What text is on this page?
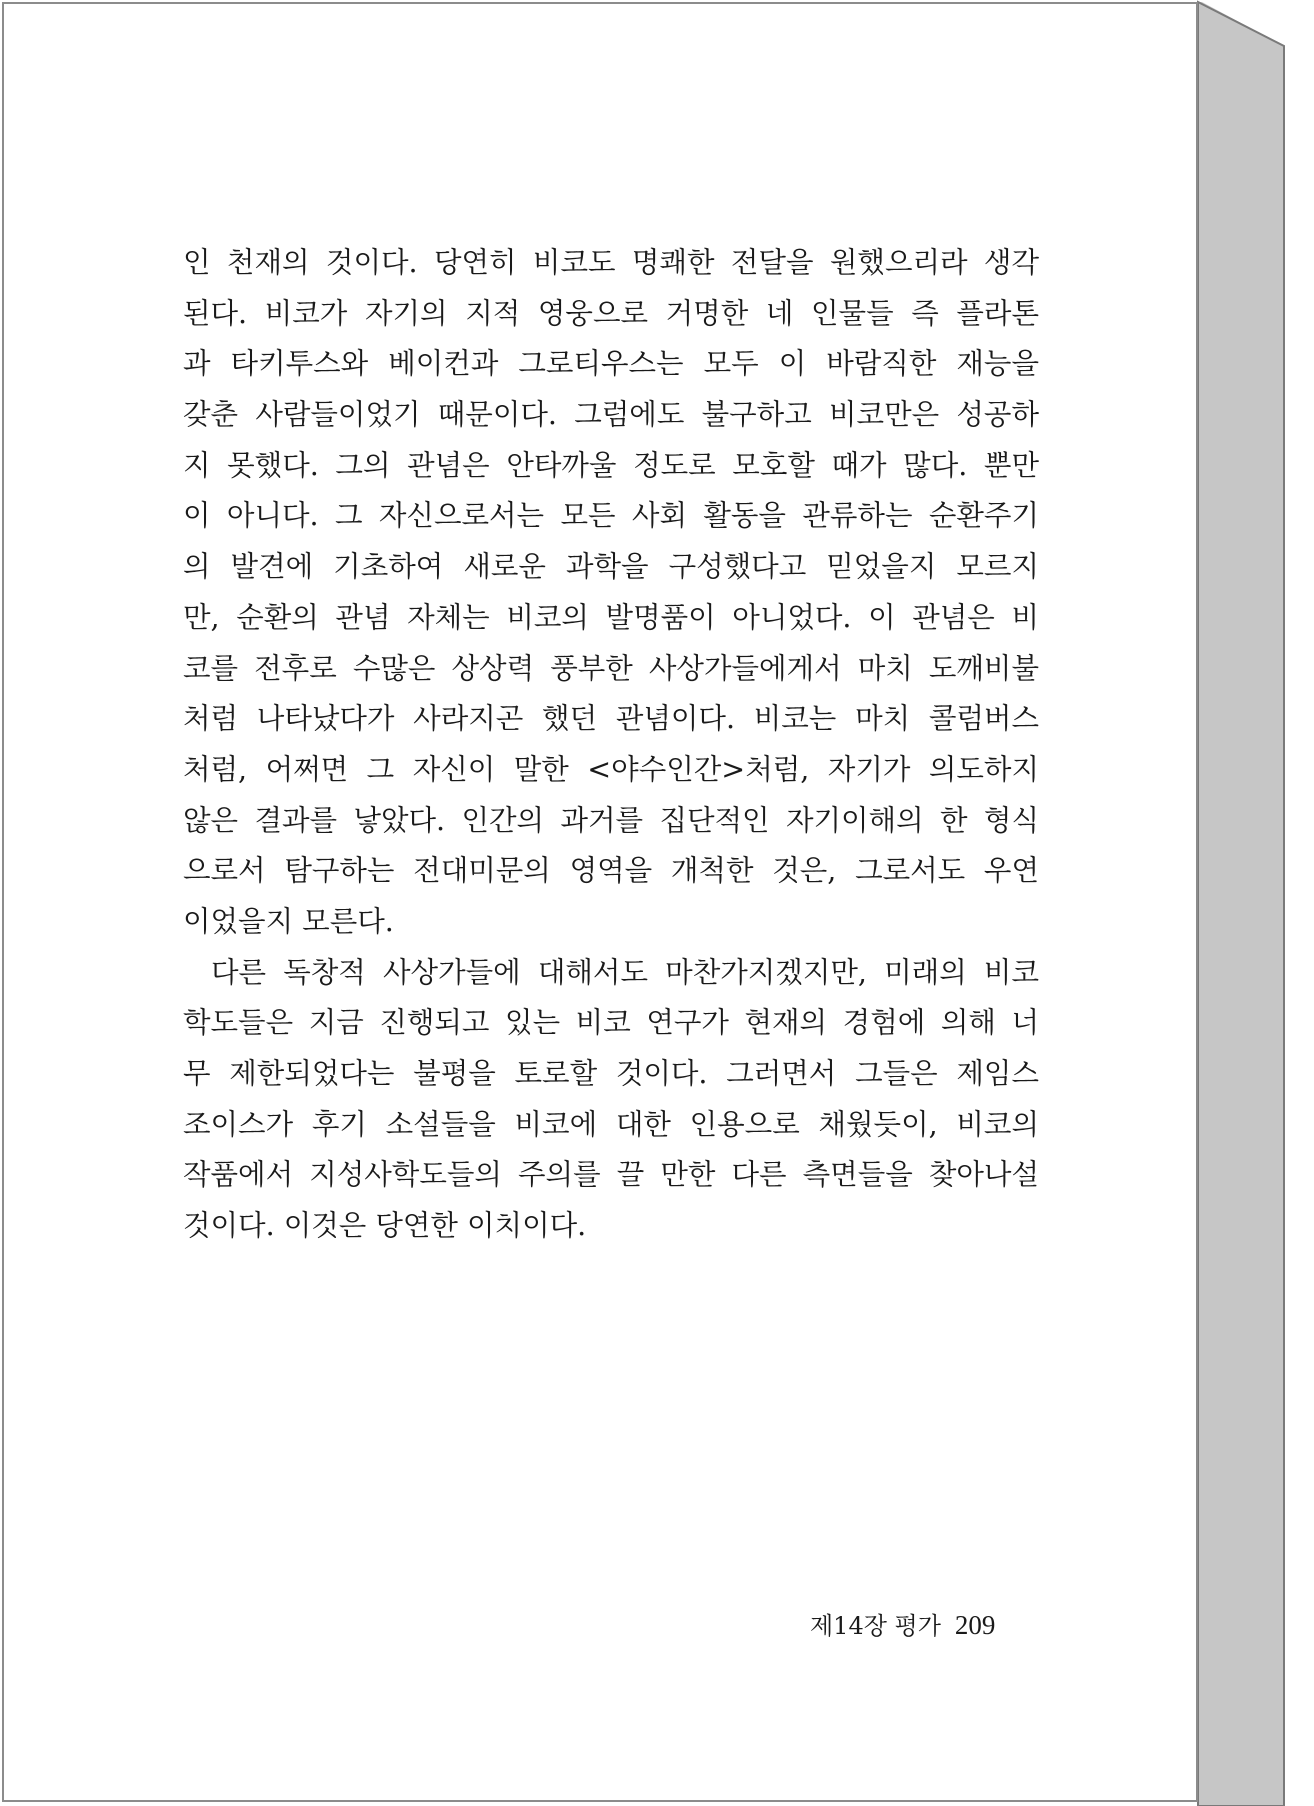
인 천재의 것이다. 당연히 비코도 명쾌한 전달을 원했으리라 생각
된다. 비코가 자기의 지적 영웅으로 거명한 네 인물들 즉 플라톤
과 타키투스와 베이컨과 그로티우스는 모두 이 바람직한 재능을
갖춘 사람들이었기 때문이다. 그럼에도 불구하고 비코만은 성공하
지 못했다. 그의 관념은 안타까울 정도로 모호할 때가 많다. 뿐만
이 아니다. 그 자신으로서는 모든 사회 활동을 관류하는 순환주기
의 발견에 기초하여 새로운 과학을 구성했다고 믿었을지 모르지
만, 순환의 관념 자체는 비코의 발명품이 아니었다. 이 관념은 비
코를 전후로 수많은 상상력 풍부한 사상가들에게서 마치 도깨비불
처럼 나타났다가 사라지곤 했던 관념이다. 비코는 마치 콜럼버스
처럼, 어쩌면 그 자신이 말한 <야수인간>처럼, 자기가 의도하지
않은 결과를 낳았다. 인간의 과거를 집단적인 자기이해의 한 형식
으로서 탐구하는 전대미문의 영역을 개척한 것은, 그로서도 우연
이었을지 모른다.
다른 독창적 사상가들에 대해서도 마찬가지겠지만, 미래의 비코
학도들은 지금 진행되고 있는 비코 연구가 현재의 경험에 의해 너
무 제한되었다는 불평을 토로할 것이다. 그러면서 그들은 제임스
조이스가 후기 소설들을 비코에 대한 인용으로 채웠듯이, 비코의
작품에서 지성사학도들의 주의를 끌 만한 다른 측면들을 찾아나설
것이다. 이것은 당연한 이치이다.
제14장 평가 209
